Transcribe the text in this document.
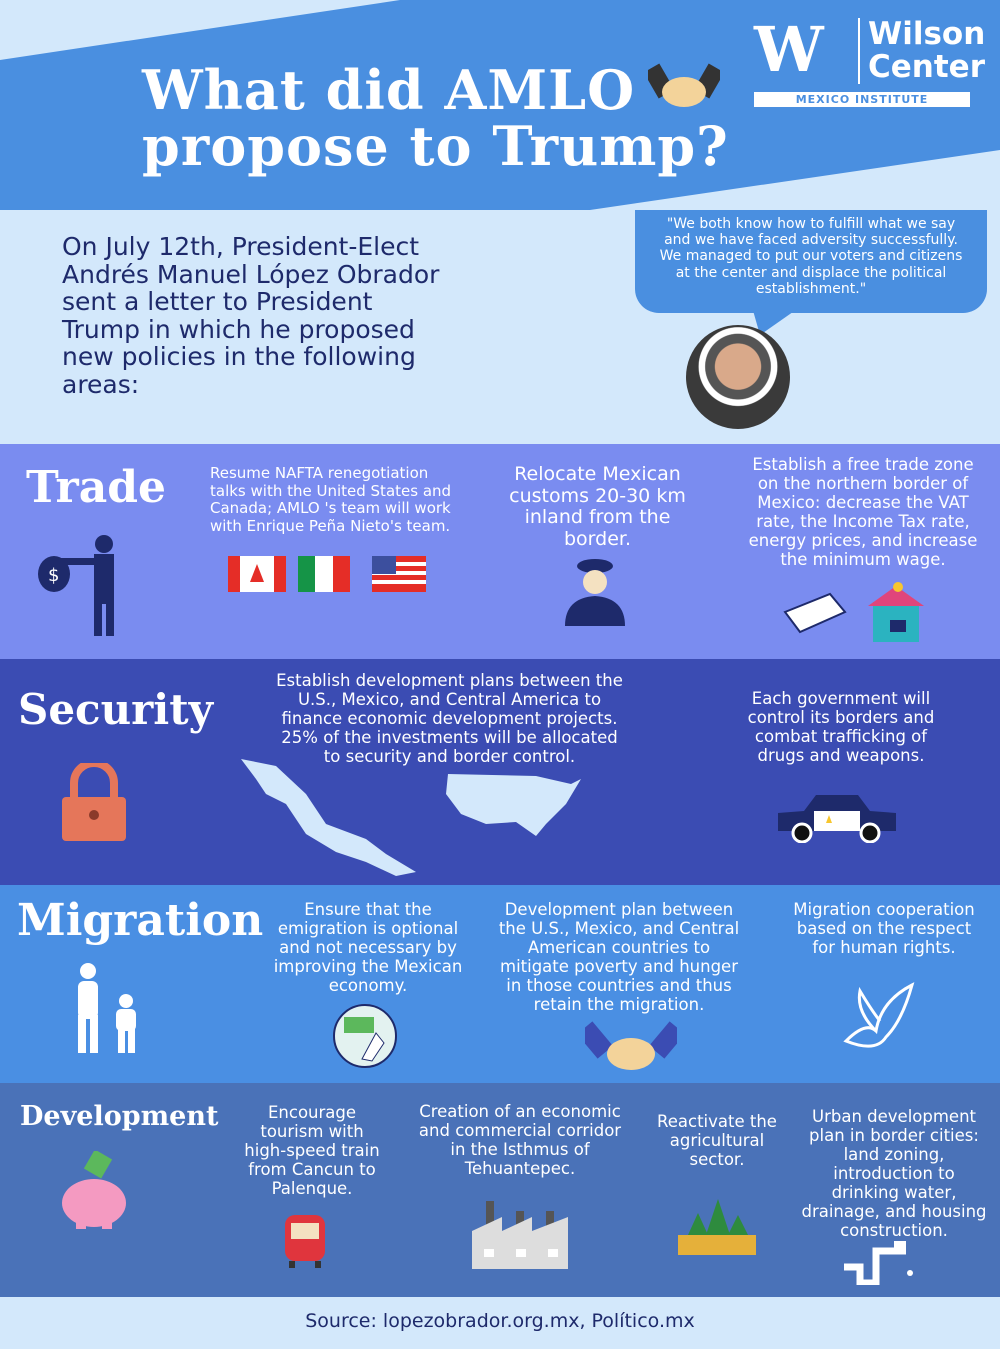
What did AMLO
propose to Trump?
W	Wilson
Center
MEXICO INSTITUTE
On July 12th, President-Elect
Andrés Manuel López Obrador
sent a letter to President
Trump in which he proposed
new policies in the following
areas:
"We both know how to fulfill what we say
and we have faced adversity successfully.
We managed to put our voters and citizens
at the center and displace the political
establishment."
Trade
$
Resume NAFTA renegotiation
talks with the United States and
Canada; AMLO 's team will work
with Enrique Peña Nieto's team.
Relocate Mexican
customs 20-30 km
inland from the
border.
Establish a free trade zone
on the northern border of
Mexico: decrease the VAT
rate, the Income Tax rate,
energy prices, and increase
the minimum wage.
Security
Establish development plans between the
U.S., Mexico, and Central America to
finance economic development projects.
25% of the investments will be allocated
to security and border control.
Each government will
control its borders and
combat trafficking of
drugs and weapons.
Migration	Ensure that the
emigration is optional
and not necessary by
improving the Mexican
economy.
Development plan between
the U.S., Mexico, and Central
American countries to
mitigate poverty and hunger
in those countries and thus
retain the migration.
Migration cooperation
based on the respect
for human rights.
Development	Encourage
tourism with
high-speed train
from Cancun to
Palenque.
Creation of an economic
and commercial corridor
in the Isthmus of
Tehuantepec.
Reactivate the
agricultural
sector.
Urban development
plan in border cities:
land zoning,
introduction to
drinking water,
drainage, and housing
construction.
Source: lopezobrador.org.mx, Político.mx
